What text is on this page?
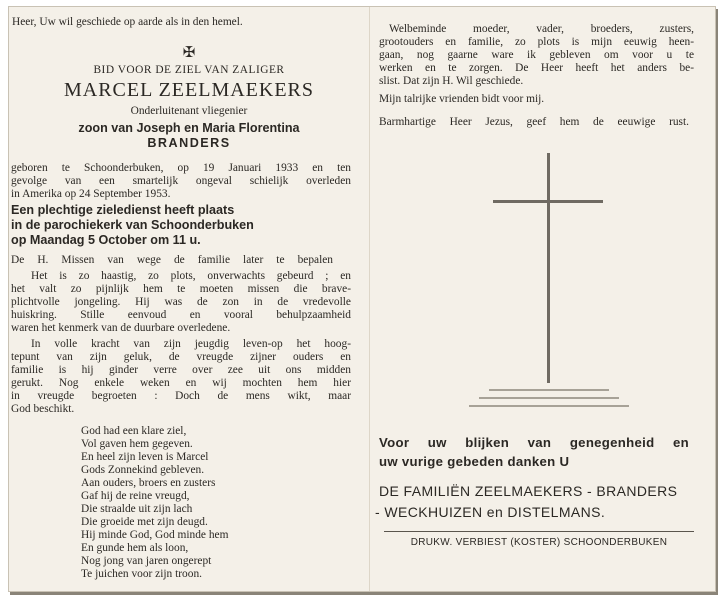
Heer, Uw wil geschiede op aarde als in den hemel.
✠
BID VOOR DE ZIEL VAN ZALIGER
MARCEL ZEELMAEKERS
Onderluitenant vliegenier
zoon van Joseph en Maria Florentina
BRANDERS
geboren te Schoonderbuken, op 19 Januari 1933 en ten
gevolge van een smartelijk ongeval schielijk overleden
in Amerika op 24 September 1953.
Een plechtige zieledienst heeft plaats
in de parochiekerk van Schoonderbuken
op Maandag 5 October om 11 u.
De H. Missen van wege de familie later te bepalen
Het is zo haastig, zo plots, onverwachts gebeurd ; en
het valt zo pijnlijk hem te moeten missen die brave-
plichtvolle jongeling. Hij was de zon in de vredevolle
huiskring. Stille eenvoud en vooral behulpzaamheid
waren het kenmerk van de duurbare overledene.
In volle kracht van zijn jeugdig leven-op het hoog-
tepunt van zijn geluk, de vreugde zijner ouders en
familie is hij ginder verre over zee uit ons midden
gerukt. Nog enkele weken en wij mochten hem hier
in vreugde begroeten : Doch de mens wikt, maar
God beschikt.
God had een klare ziel,
Vol gaven hem gegeven.
En heel zijn leven is Marcel
Gods Zonnekind gebleven.
Aan ouders, broers en zusters
Gaf hij de reine vreugd,
Die straalde uit zijn lach
Die groeide met zijn deugd.
Hij minde God, God minde hem
En gunde hem als loon,
Nog jong van jaren ongerept
Te juichen voor zijn troon.
Welbeminde moeder, vader, broeders, zusters,
grootouders en familie, zo plots is mijn eeuwig heen-
gaan, nog gaarne ware ik gebleven om voor u te
werken en te zorgen. De Heer heeft het anders be-
slist. Dat zijn H. Wil geschiede.
Mijn talrijke vrienden bidt voor mij.
Barmhartige Heer Jezus, geef hem de eeuwige rust.
Voor uw blijken van genegenheid en
uw vurige gebeden danken U
DE FAMILIËN ZEELMAEKERS - BRANDERS
- WECKHUIZEN en DISTELMANS.
DRUKW. VERBIEST (KOSTER) SCHOONDERBUKEN
